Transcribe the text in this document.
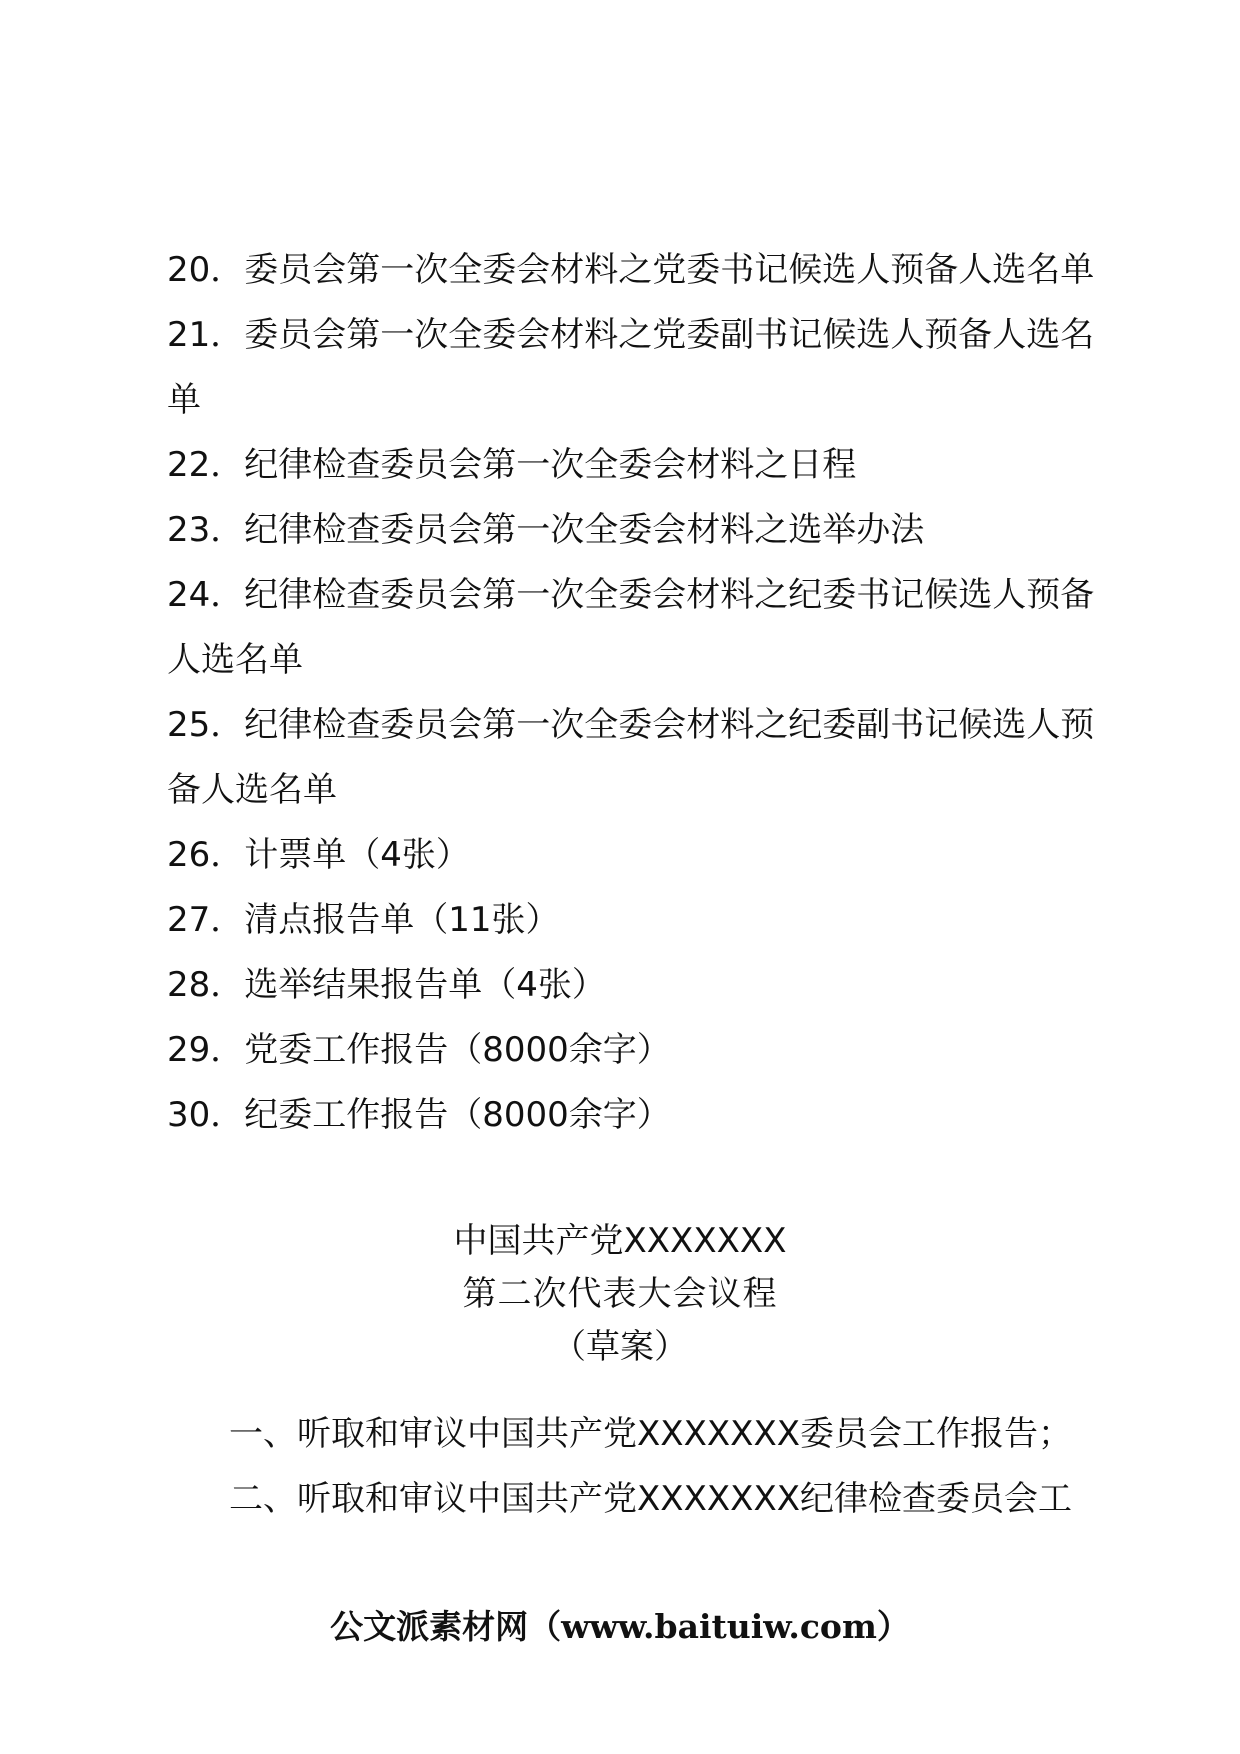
20．委员会第一次全委会材料之党委书记候选人预备人选名单

21．委员会第一次全委会材料之党委副书记候选人预备人选名单

22．纪律检查委员会第一次全委会材料之日程

23．纪律检查委员会第一次全委会材料之选举办法

24．纪律检查委员会第一次全委会材料之纪委书记候选人预备人选名单

25．纪律检查委员会第一次全委会材料之纪委副书记候选人预备人选名单

26．计票单（4张）

27．清点报告单（11张）

28．选举结果报告单（4张）

29．党委工作报告（8000余字）

30．纪委工作报告（8000余字）

中国共产党XXXXXXX

第二次代表大会议程

（草案）

一、听取和审议中国共产党XXXXXXX委员会工作报告；

二、听取和审议中国共产党XXXXXXX纪律检查委员会工

公文派素材网（www.baituiw.com）
